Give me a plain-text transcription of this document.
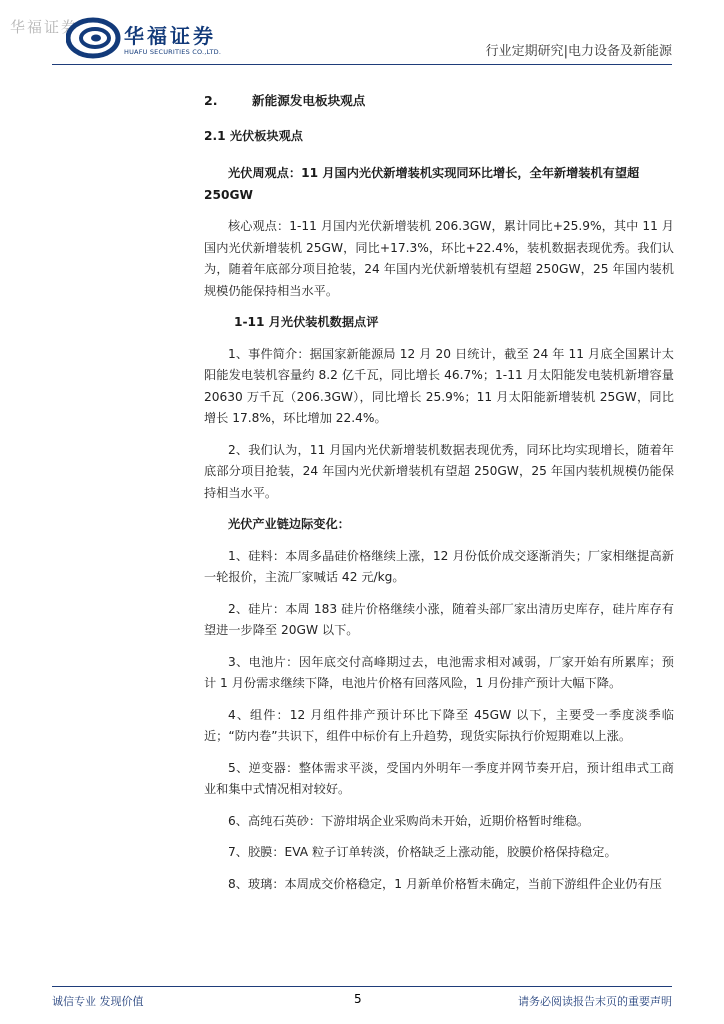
华福证券 华福证券
HUAFU SECURITIES CO.,LTD.	行业定期研究|电力设备及新能源
2.	新能源发电板块观点
2.1 光伏板块观点
光伏周观点：11 月国内光伏新增装机实现同环比增长，全年新增装机有望超 250GW

核心观点：1-11 月国内光伏新增装机 206.3GW，累计同比+25.9%，其中 11 月国内光伏新增装机 25GW，同比+17.3%，环比+22.4%，装机数据表现优秀。我们认为，随着年底部分项目抢装，24 年国内光伏新增装机有望超 250GW，25 年国内装机规模仍能保持相当水平。

1-11 月光伏装机数据点评

1、事件简介：据国家新能源局 12 月 20 日统计，截至 24 年 11 月底全国累计太阳能发电装机容量约 8.2 亿千瓦，同比增长 46.7%；1-11 月太阳能发电装机新增容量 20630 万千瓦（206.3GW），同比增长 25.9%；11 月太阳能新增装机 25GW，同比增长 17.8%，环比增加 22.4%。

2、我们认为，11 月国内光伏新增装机数据表现优秀，同环比均实现增长，随着年底部分项目抢装，24 年国内光伏新增装机有望超 250GW，25 年国内装机规模仍能保持相当水平。

光伏产业链边际变化：

1、硅料：本周多晶硅价格继续上涨，12 月份低价成交逐渐消失；厂家相继提高新一轮报价，主流厂家喊话 42 元/kg。

2、硅片：本周 183 硅片价格继续小涨，随着头部厂家出清历史库存，硅片库存有望进一步降至 20GW 以下。

3、电池片：因年底交付高峰期过去，电池需求相对减弱，厂家开始有所累库；预计 1 月份需求继续下降，电池片价格有回落风险，1 月份排产预计大幅下降。

4、组件：12 月组件排产预计环比下降至 45GW 以下，主要受一季度淡季临近；“防内卷”共识下，组件中标价有上升趋势，现货实际执行价短期难以上涨。

5、逆变器：整体需求平淡，受国内外明年一季度并网节奏开启，预计组串式工商业和集中式情况相对较好。

6、高纯石英砂：下游坩埚企业采购尚未开始，近期价格暂时维稳。

7、胶膜：EVA 粒子订单转淡，价格缺乏上涨动能，胶膜价格保持稳定。

8、玻璃：本周成交价格稳定，1 月新单价格暂未确定，当前下游组件企业仍有压

诚信专业 发现价值	5	请务必阅读报告末页的重要声明
